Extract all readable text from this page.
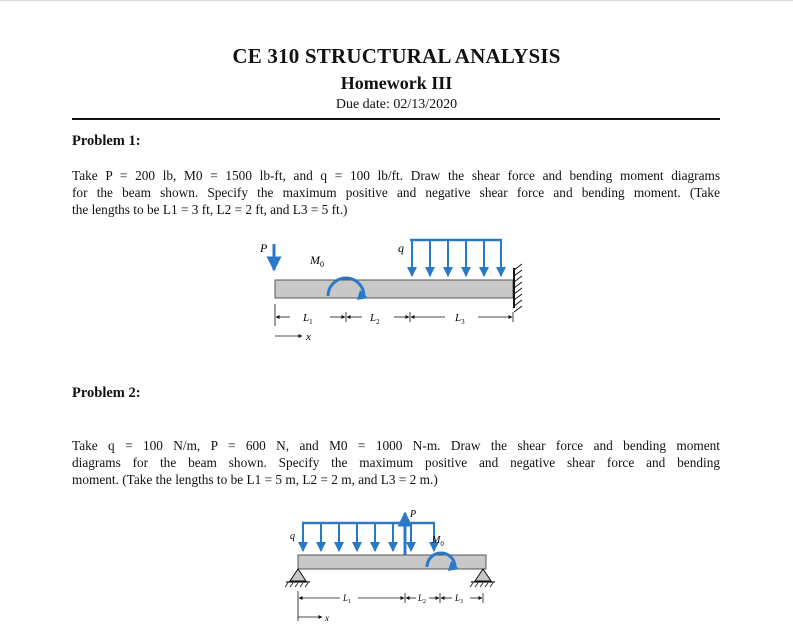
CE 310 STRUCTURAL ANALYSIS
Homework III
Due date: 02/13/2020
Problem 1:
Take P = 200 lb, M0 = 1500 lb-ft, and q = 100 lb/ft. Draw the shear force and bending moment diagrams
for the beam shown. Specify the maximum positive and negative shear force and bending moment. (Take
the lengths to be L1 = 3 ft, L2 = 2 ft, and L3 = 5 ft.)
P
$M_0$
q
$L_1$	$L_2$	$L_3$
x
Problem 2:
Take q = 100 N/m, P = 600 N, and M0 = 1000 N-m. Draw the shear force and bending moment
diagrams for the beam shown. Specify the maximum positive and negative shear force and bending
moment. (Take the lengths to be L1 = 5 m, L2 = 2 m, and L3 = 2 m.)
q
P
$M_0$
$L_1$	$L_2$	$L_3$
x
